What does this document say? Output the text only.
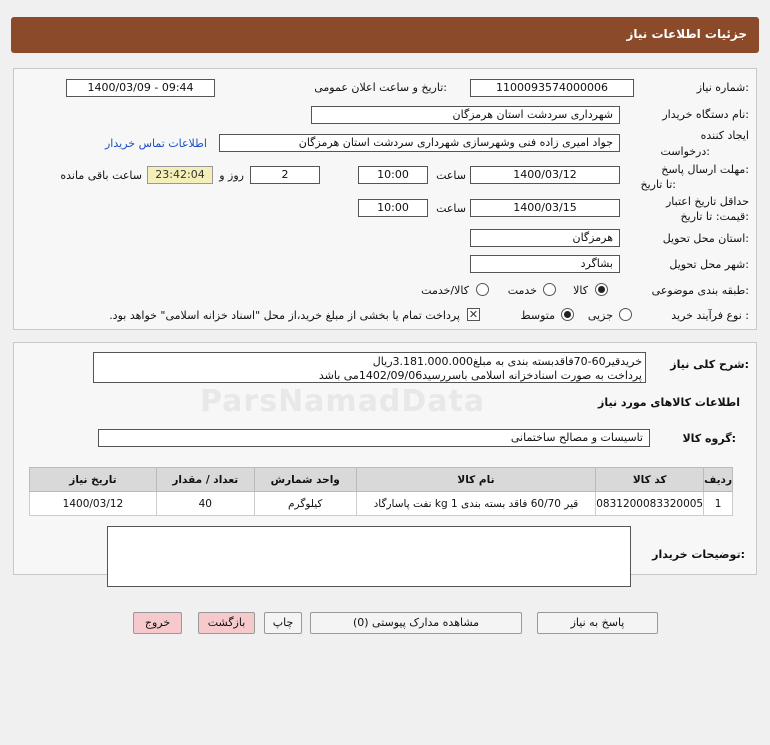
جزئيات اطلاعات نياز
شماره نیاز:
1100093574000006
تاریخ و ساعت اعلان عمومی:
1400/03/09 - 09:44
نام دستگاه خریدار:
شهرداری سردشت استان هرمزگان
ایجاد کننده
درخواست:
جواد امیری زاده فنی وشهرسازی شهرداری سردشت استان هرمزگان
اطلاعات تماس خریدار
مهلت ارسال پاسخ:
تا تاریخ:
1400/03/12
ساعت
10:00
2
روز و
23:42:04
ساعت باقی مانده
حداقل تاریخ اعتبار
قیمت: تا تاریخ:
1400/03/15
ساعت
10:00
استان محل تحویل:
هرمزگان
شهر محل تحویل:
بشاگرد
طبقه بندی موضوعی:
کالا
خدمت
کالا/خدمت
نوع فرآیند خرید :
جزیی
متوسط
✕
پرداخت تمام یا بخشی از مبلغ خرید،از محل "اسناد خزانه اسلامی" خواهد بود.
ParsNamadData
شرح کلی نیاز:
خریدقیر60-70فاقدبسته بندی به مبلغ3.181.000.000ریال
پرداخت به صورت اسنادخزانه اسلامی باسررسید1402/09/06می باشد
اطلاعات کالاهای مورد نیاز
گروه کالا:
تاسیسات و مصالح ساختمانی
ردیف	کد کالا	نام کالا	واحد شمارش	تعداد / مقدار	تاریخ نیاز
1	0831200083320005	قیر 60/70 فاقد بسته بندی 1 kg نفت پاسارگاد	کیلوگرم	40	1400/03/12
توضیحات خریدار:
پاسخ به نیاز
مشاهده مدارک پیوستی (0)
چاپ
بازگشت
خروج
